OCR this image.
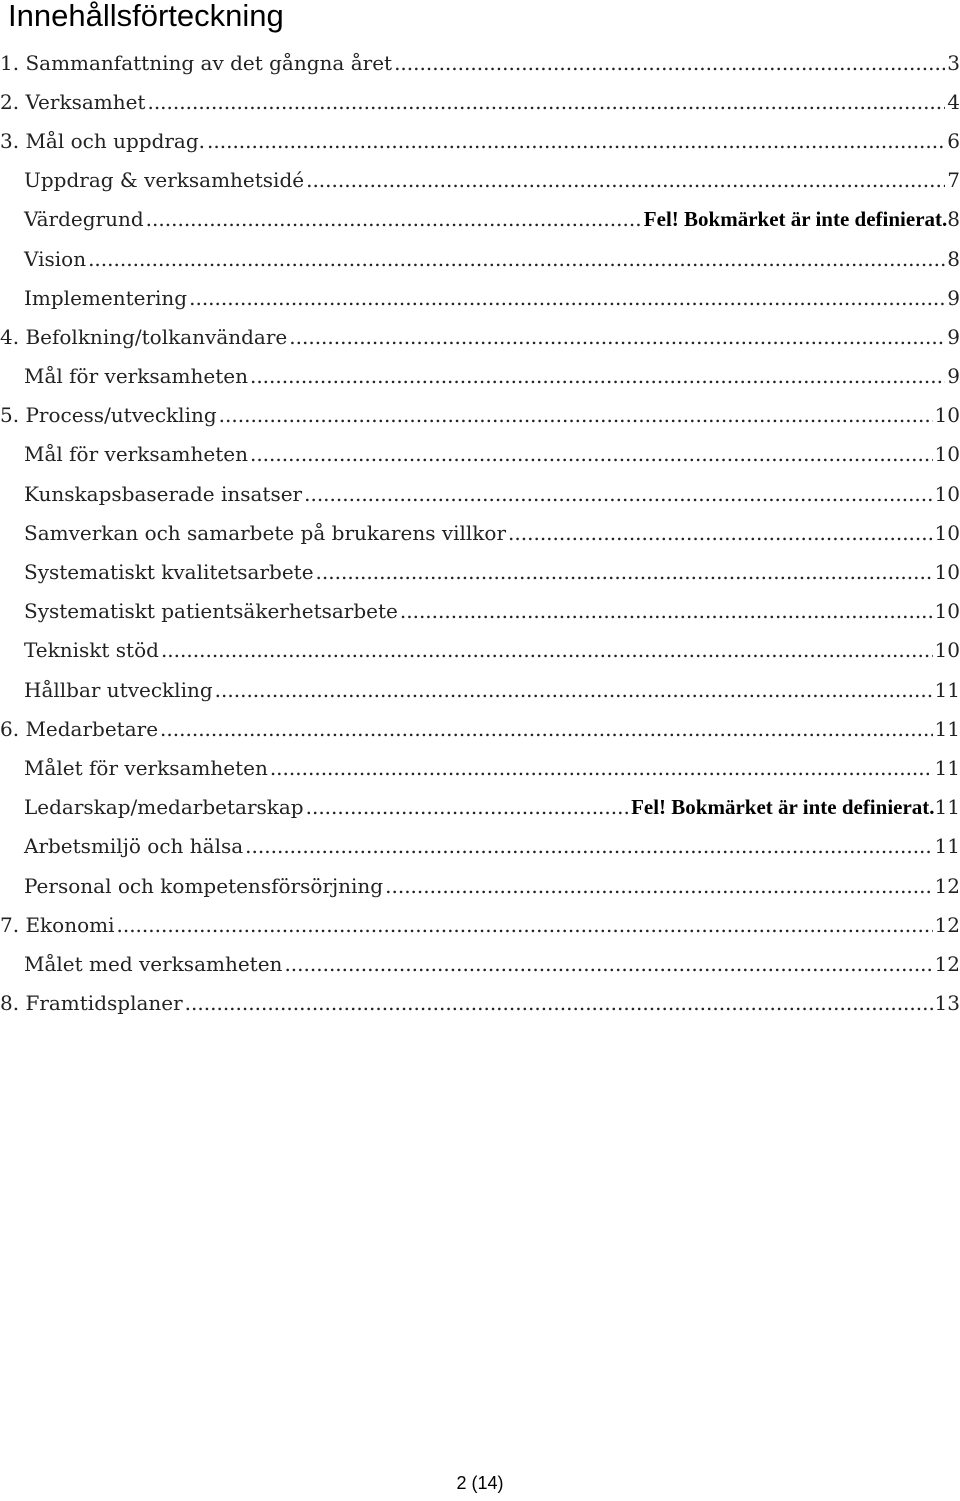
Innehållsförteckning
1. Sammanfattning av det gångna året .....	3
2. Verksamhet .....	4
3. Mål och uppdrag. .....	6
Uppdrag & verksamhetsidé .....	7
Värdegrund .....	Fel! Bokmärket är inte definierat. 8
Vision .....	8
Implementering .....	9
4. Befolkning/tolkanvändare .....	9
Mål för verksamheten .....	9
5. Process/utveckling .....	10
Mål för verksamheten .....	10
Kunskapsbaserade insatser .....	10
Samverkan och samarbete på brukarens villkor .....	10
Systematiskt kvalitetsarbete .....	10
Systematiskt patientsäkerhetsarbete .....	10
Tekniskt stöd .....	10
Hållbar utveckling .....	11
6. Medarbetare .....	11
Målet för verksamheten .....	11
Ledarskap/medarbetarskap .....	Fel! Bokmärket är inte definierat. 11
Arbetsmiljö och hälsa .....	11
Personal och kompetensförsörjning .....	12
7. Ekonomi .....	12
Målet med verksamheten .....	12
8. Framtidsplaner .....	13
2 (14)
